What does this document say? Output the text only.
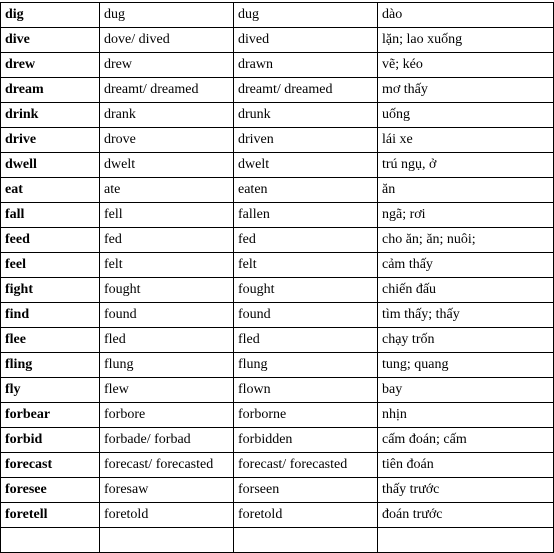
dig	dug	dug	dào
dive	dove/ dived	dived	lặn; lao xuống
drew	drew	drawn	vẽ; kéo
dream	dreamt/ dreamed	dreamt/ dreamed	mơ thấy
drink	drank	drunk	uống
drive	drove	driven	lái xe
dwell	dwelt	dwelt	trú ngụ, ở
eat	ate	eaten	ăn
fall	fell	fallen	ngã; rơi
feed	fed	fed	cho ăn; ăn; nuôi;
feel	felt	felt	cảm thấy
fight	fought	fought	chiến đấu
find	found	found	tìm thấy; thấy
flee	fled	fled	chạy trốn
fling	flung	flung	tung; quang
fly	flew	flown	bay
forbear	forbore	forborne	nhịn
forbid	forbade/ forbad	forbidden	cấm đoán; cấm
forecast	forecast/ forecasted	forecast/ forecasted	tiên đoán
foresee	foresaw	forseen	thấy trước
foretell	foretold	foretold	đoán trước
